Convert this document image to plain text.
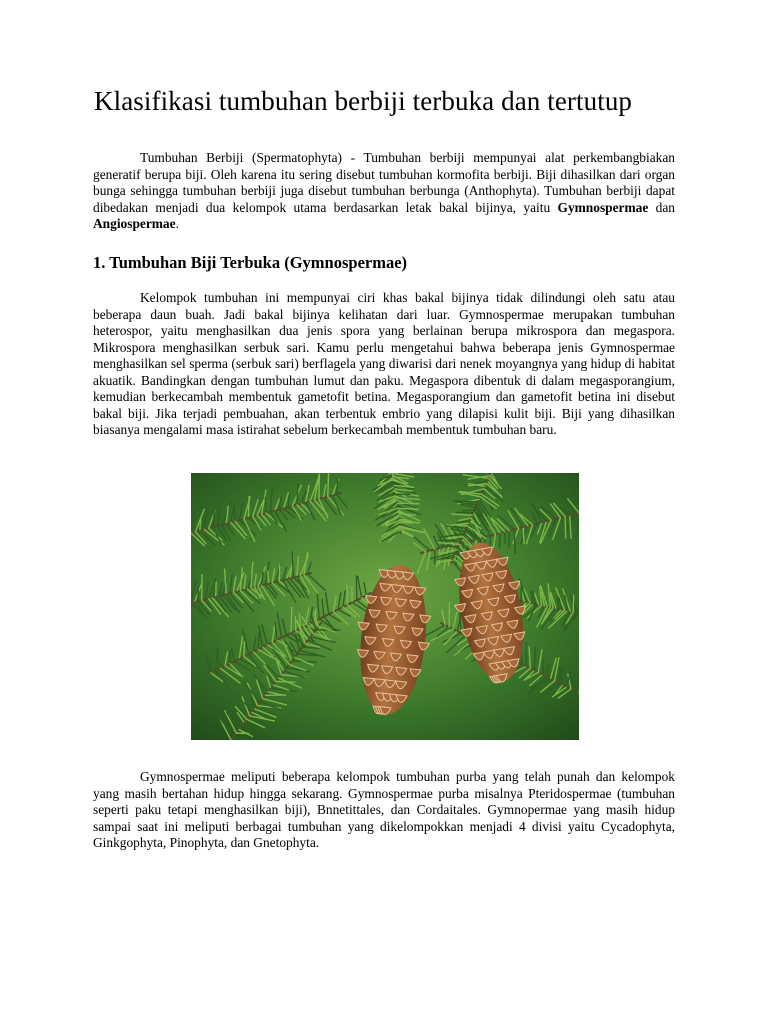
Klasifikasi tumbuhan berbiji terbuka dan tertutup

Tumbuhan Berbiji (Spermatophyta) - Tumbuhan berbiji mempunyai alat perkembangbiakan generatif berupa biji. Oleh karena itu sering disebut tumbuhan kormofita berbiji. Biji dihasilkan dari organ bunga sehingga tumbuhan berbiji juga disebut tumbuhan berbunga (Anthophyta). Tumbuhan berbiji dapat dibedakan menjadi dua kelompok utama berdasarkan letak bakal bijinya, yaitu Gymnospermae dan Angiospermae.

1. Tumbuhan Biji Terbuka (Gymnospermae)

Kelompok tumbuhan ini mempunyai ciri khas bakal bijinya tidak dilindungi oleh satu atau beberapa daun buah. Jadi bakal bijinya kelihatan dari luar. Gymnospermae merupakan tumbuhan heterospor, yaitu menghasilkan dua jenis spora yang berlainan berupa mikrospora dan megaspora. Mikrospora menghasilkan serbuk sari. Kamu perlu mengetahui bahwa beberapa jenis Gymnospermae menghasilkan sel sperma (serbuk sari) berflagela yang diwarisi dari nenek moyangnya yang hidup di habitat akuatik. Bandingkan dengan tumbuhan lumut dan paku. Megaspora dibentuk di dalam megasporangium, kemudian berkecambah membentuk gametofit betina. Megasporangium dan gametofit betina ini disebut bakal biji. Jika terjadi pembuahan, akan terbentuk embrio yang dilapisi kulit biji. Biji yang dihasilkan biasanya mengalami masa istirahat sebelum berkecambah membentuk tumbuhan baru.

Gymnospermae meliputi beberapa kelompok tumbuhan purba yang telah punah dan kelompok yang masih bertahan hidup hingga sekarang. Gymnospermae purba misalnya Pteridospermae (tumbuhan seperti paku tetapi menghasilkan biji), Bnnetittales, dan Cordaitales. Gymnopermae yang masih hidup sampai saat ini meliputi berbagai tumbuhan yang dikelompokkan menjadi 4 divisi yaitu Cycadophyta, Ginkgophyta, Pinophyta, dan Gnetophyta.
